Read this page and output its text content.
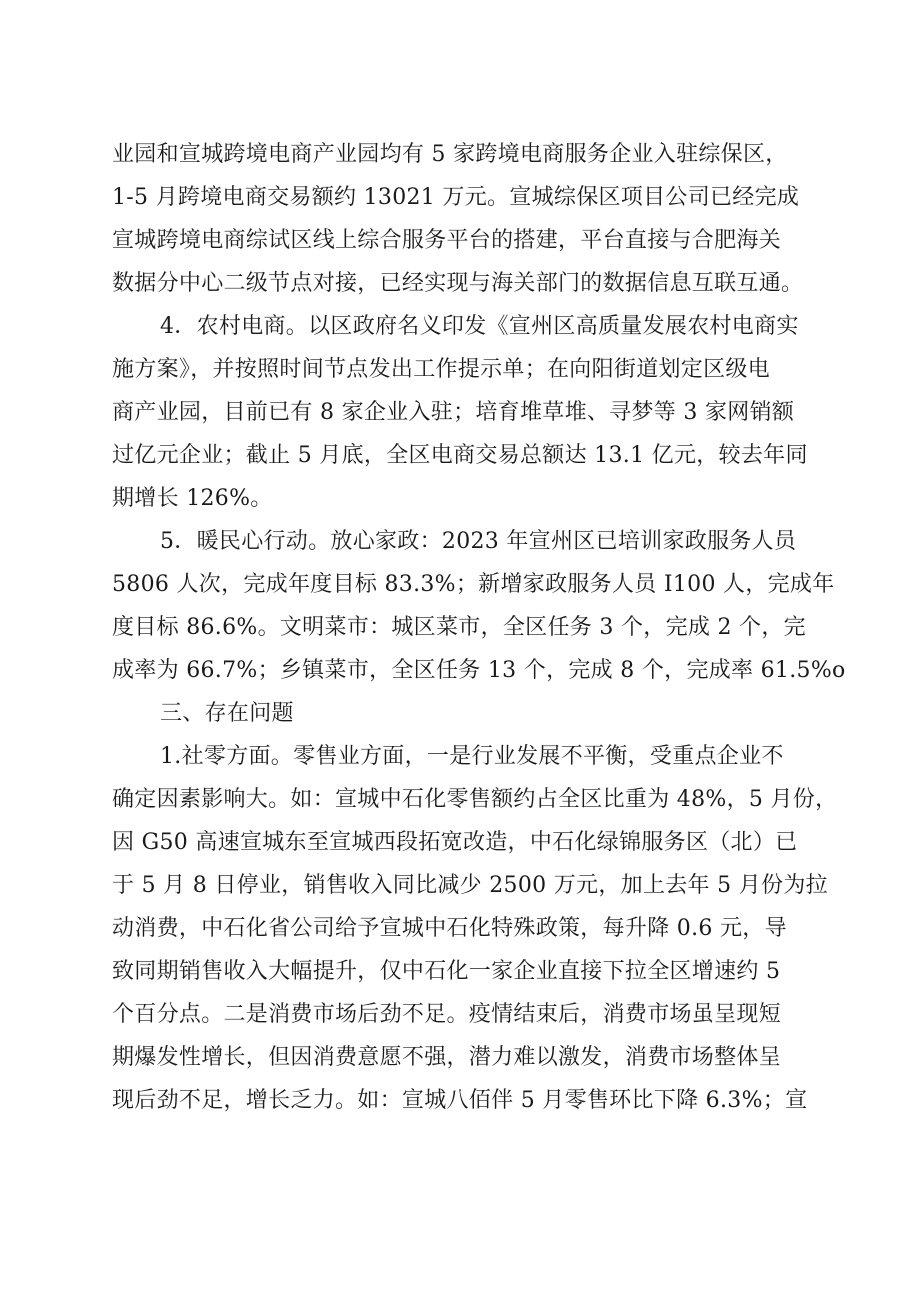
业园和宣城跨境电商产业园均有 5 家跨境电商服务企业入驻综保区，
1-5 月跨境电商交易额约 13021 万元。宣城综保区项目公司已经完成
宣城跨境电商综试区线上综合服务平台的搭建，平台直接与合肥海关
数据分中心二级节点对接，已经实现与海关部门的数据信息互联互通。
4．农村电商。以区政府名义印发《宣州区高质量发展农村电商实
施方案》，并按照时间节点发出工作提示单；在向阳街道划定区级电
商产业园，目前已有 8 家企业入驻；培育堆草堆、寻梦等 3 家网销额
过亿元企业；截止 5 月底，全区电商交易总额达 13.1 亿元，较去年同
期增长 126%。
5．暖民心行动。放心家政：2023 年宣州区已培训家政服务人员
5806 人次，完成年度目标 83.3%；新增家政服务人员 I100 人，完成年
度目标 86.6%。文明菜市：城区菜市，全区任务 3 个，完成 2 个，完
成率为 66.7%；乡镇菜市，全区任务 13 个，完成 8 个，完成率 61.5%o
三、存在问题
1.社零方面。零售业方面，一是行业发展不平衡，受重点企业不
确定因素影响大。如：宣城中石化零售额约占全区比重为 48%，5 月份，
因 G50 高速宣城东至宣城西段拓宽改造，中石化绿锦服务区（北）已
于 5 月 8 日停业，销售收入同比减少 2500 万元，加上去年 5 月份为拉
动消费，中石化省公司给予宣城中石化特殊政策，每升降 0.6 元，导
致同期销售收入大幅提升，仅中石化一家企业直接下拉全区增速约 5
个百分点。二是消费市场后劲不足。疫情结束后，消费市场虽呈现短
期爆发性增长，但因消费意愿不强，潜力难以激发，消费市场整体呈
现后劲不足，增长乏力。如：宣城八佰伴 5 月零售环比下降 6.3%；宣
